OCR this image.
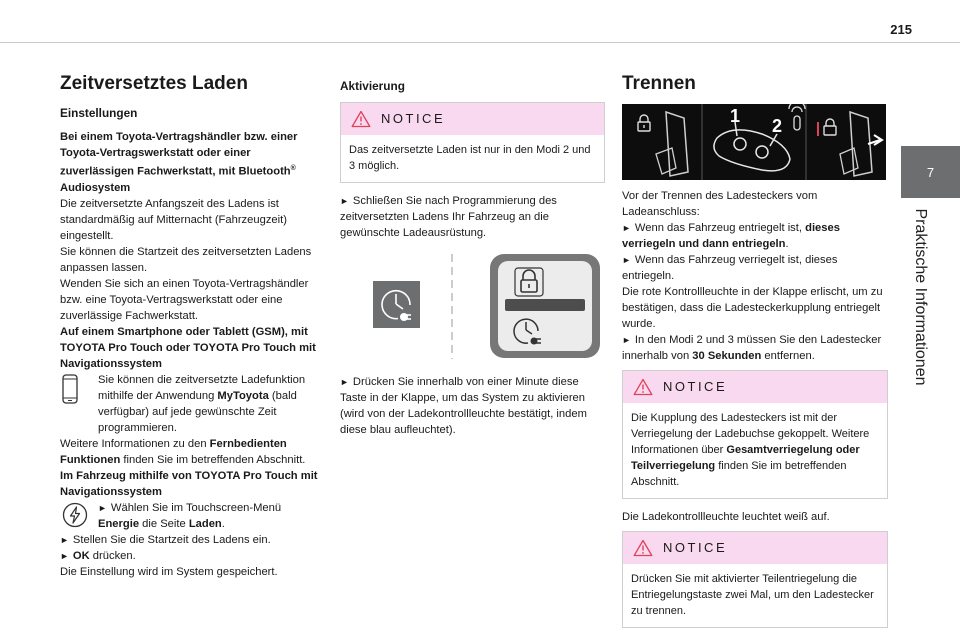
215
7
Praktische Informationen
Zeitversetztes Laden
Einstellungen

Bei einem Toyota-Vertragshändler bzw. einer Toyota-Vertragswerkstatt oder einer zuverlässigen Fachwerkstatt, mit Bluetooth® Audiosystem

Die zeitversetzte Anfangszeit des Ladens ist standardmäßig auf Mitternacht (Fahrzeugzeit) eingestellt.

Sie können die Startzeit des zeitversetzten Ladens anpassen lassen.

Wenden Sie sich an einen Toyota-Vertragshändler bzw. eine Toyota-Vertragswerkstatt oder eine zuverlässige Fachwerkstatt.

Auf einem Smartphone oder Tablett (GSM), mit TOYOTA Pro Touch oder TOYOTA Pro Touch mit Navigationssystem

Sie können die zeitversetzte Ladefunktion mithilfe der Anwendung MyToyota (bald verfügbar) auf jede gewünschte Zeit programmieren.

Weitere Informationen zu den Fernbedienten Funktionen finden Sie im betreffenden Abschnitt.

Im Fahrzeug mithilfe von TOYOTA Pro Touch mit Navigationssystem

► Wählen Sie im Touchscreen-Menü Energie die Seite Laden.

► Stellen Sie die Startzeit des Ladens ein.

► OK drücken.

Die Einstellung wird im System gespeichert.

Aktivierung
NOTICE
Das zeitversetzte Laden ist nur in den Modi 2 und 3 möglich.

► Schließen Sie nach Programmierung des zeitversetzten Ladens Ihr Fahrzeug an die gewünschte Ladeausrüstung.

► Drücken Sie innerhalb von einer Minute diese Taste in der Klappe, um das System zu aktivieren (wird von der Ladekontrollleuchte bestätigt, indem diese blau aufleuchtet).

Trennen
1 2

Vor der Trennen des Ladesteckers vom Ladeanschluss:

► Wenn das Fahrzeug entriegelt ist, dieses verriegeln und dann entriegeln.

► Wenn das Fahrzeug verriegelt ist, dieses entriegeln.

Die rote Kontrollleuchte in der Klappe erlischt, um zu bestätigen, dass die Ladesteckerkupplung entriegelt wurde.

► In den Modi 2 und 3 müssen Sie den Ladestecker innerhalb von 30 Sekunden entfernen.

NOTICE
Die Kupplung des Ladesteckers ist mit der Verriegelung der Ladebuchse gekoppelt. Weitere Informationen über Gesamtverriegelung oder Teilverriegelung finden Sie im betreffenden Abschnitt.

Die Ladekontrollleuchte leuchtet weiß auf.

NOTICE
Drücken Sie mit aktivierter Teilentriegelung die Entriegelungstaste zwei Mal, um den Ladestecker zu trennen.
